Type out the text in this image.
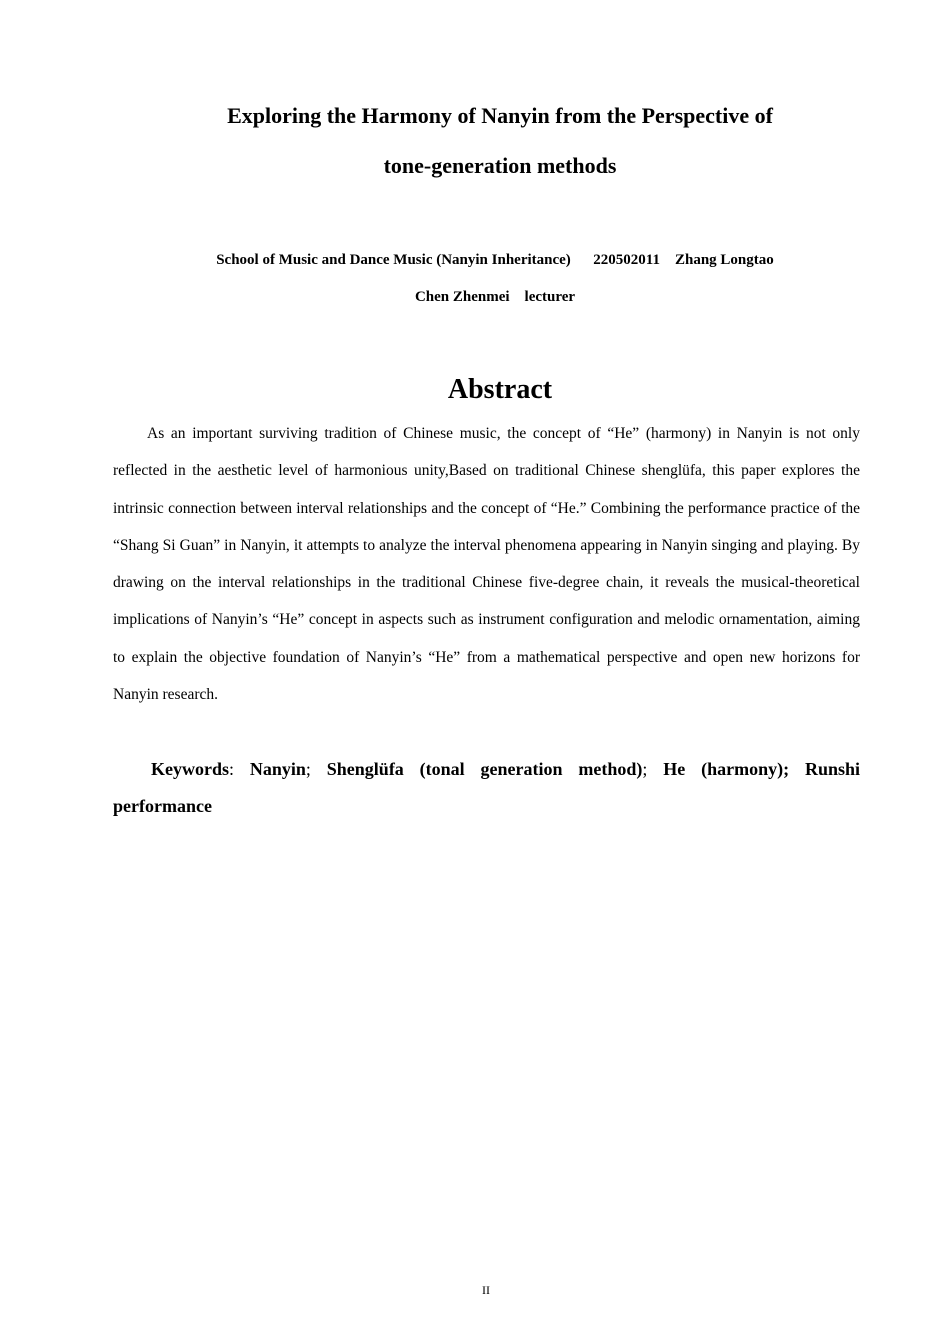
Exploring the Harmony of Nanyin from the Perspective of
tone-generation methods
School of Music and Dance Music (Nanyin Inheritance)      220502011    Zhang Longtao
Chen Zhenmei    lecturer
Abstract

As an important surviving tradition of Chinese music, the concept of “He” (harmony) in Nanyin is not only reflected in the aesthetic level of harmonious unity,Based on traditional Chinese shenglüfa, this paper explores the intrinsic connection between interval relationships and the concept of “He.” Combining the performance practice of the “Shang Si Guan” in Nanyin, it attempts to analyze the interval phenomena appearing in Nanyin singing and playing. By drawing on the interval relationships in the traditional Chinese five-degree chain, it reveals the musical-theoretical implications of Nanyin’s “He” concept in aspects such as instrument configuration and melodic ornamentation, aiming to explain the objective foundation of Nanyin’s “He” from a mathematical perspective and open new horizons for Nanyin research.

Keywords: Nanyin; Shenglüfa (tonal generation method); He (harmony); Runshi performance

II
